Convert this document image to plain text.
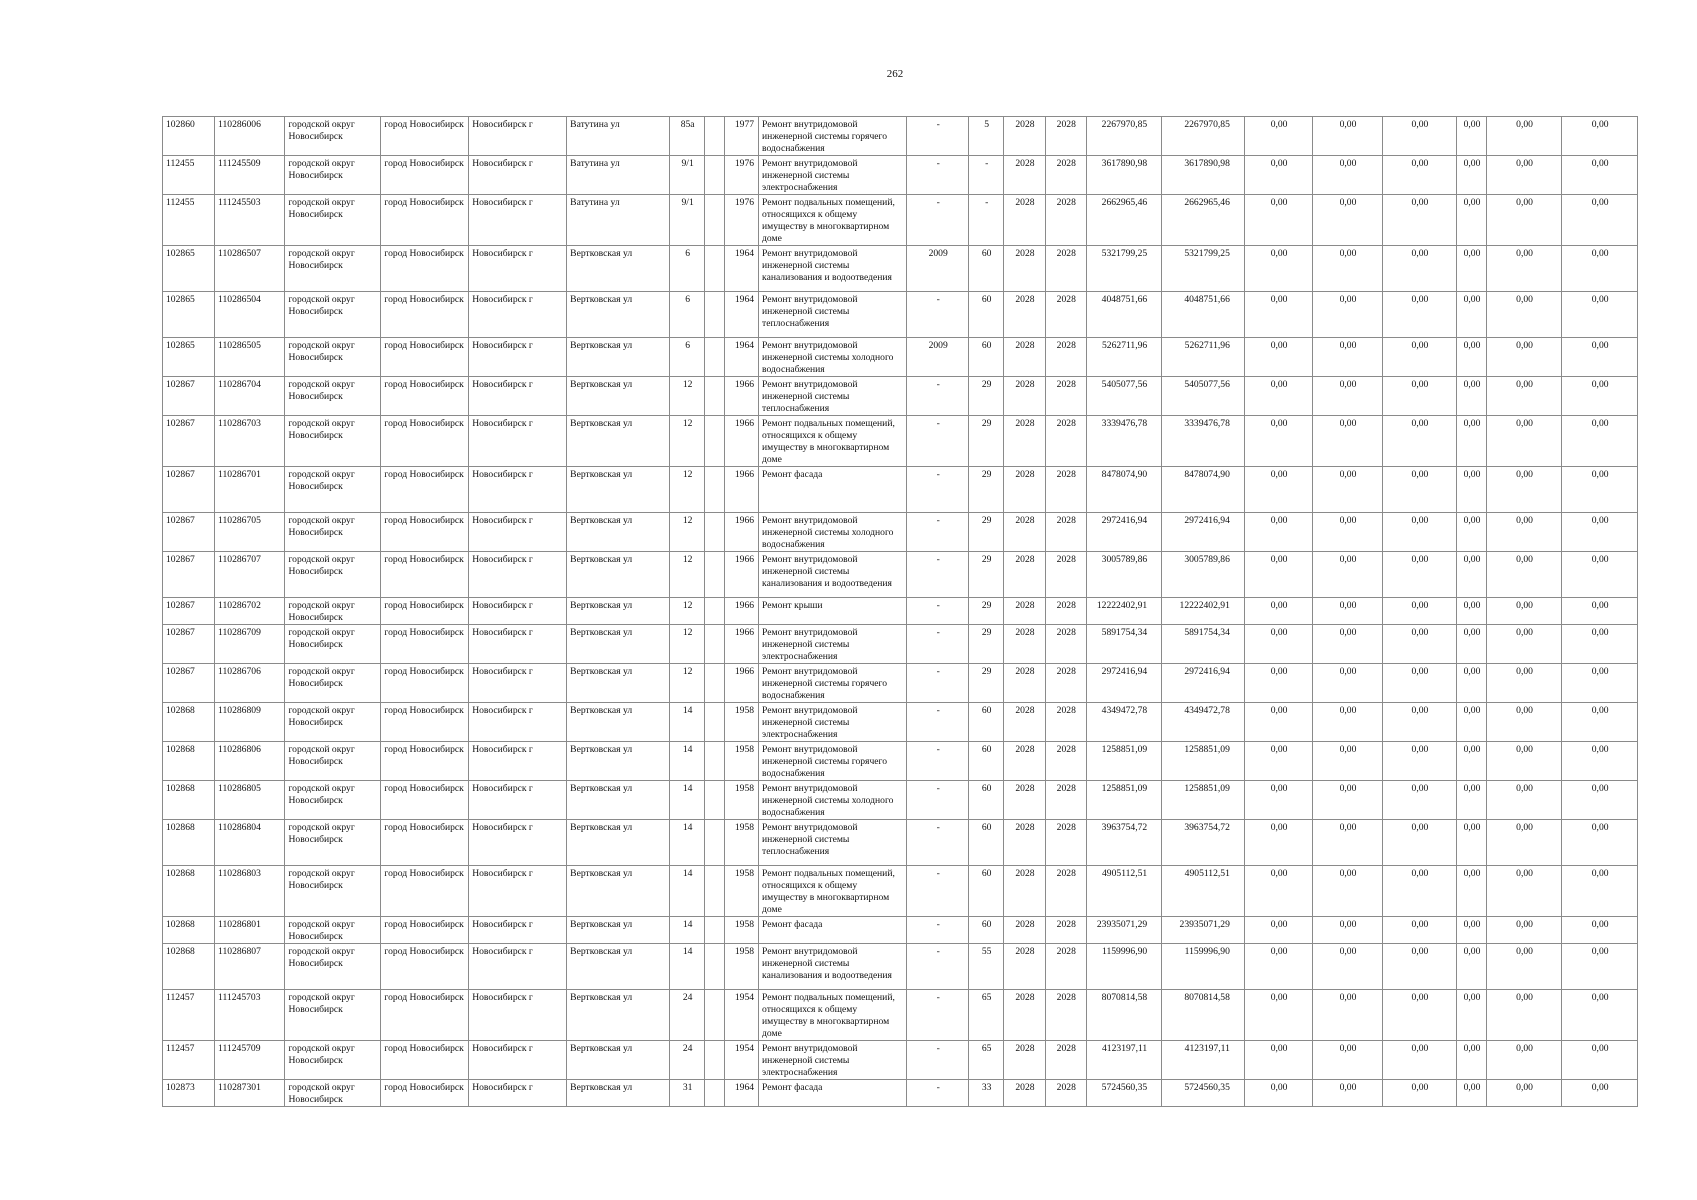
262
102860	110286006	городской округ Новосибирск	город Новосибирск	Новосибирск г	Ватутина ул	85а		1977	Ремонт внутридомовой инженерной системы горячего водоснабжения	-	5	2028	2028	2267970,85	2267970,85	0,00	0,00	0,00	0,00	0,00	0,00
112455	111245509	городской округ Новосибирск	город Новосибирск	Новосибирск г	Ватутина ул	9/1		1976	Ремонт внутридомовой инженерной системы электроснабжения	-	-	2028	2028	3617890,98	3617890,98	0,00	0,00	0,00	0,00	0,00	0,00
112455	111245503	городской округ Новосибирск	город Новосибирск	Новосибирск г	Ватутина ул	9/1		1976	Ремонт подвальных помещений, относящихся к общему имуществу в многоквартирном доме	-	-	2028	2028	2662965,46	2662965,46	0,00	0,00	0,00	0,00	0,00	0,00
102865	110286507	городской округ Новосибирск	город Новосибирск	Новосибирск г	Вертковская ул	6		1964	Ремонт внутридомовой инженерной системы канализования и водоотведения	2009	60	2028	2028	5321799,25	5321799,25	0,00	0,00	0,00	0,00	0,00	0,00
102865	110286504	городской округ Новосибирск	город Новосибирск	Новосибирск г	Вертковская ул	6		1964	Ремонт внутридомовой инженерной системы теплоснабжения	-	60	2028	2028	4048751,66	4048751,66	0,00	0,00	0,00	0,00	0,00	0,00
102865	110286505	городской округ Новосибирск	город Новосибирск	Новосибирск г	Вертковская ул	6		1964	Ремонт внутридомовой инженерной системы холодного водоснабжения	2009	60	2028	2028	5262711,96	5262711,96	0,00	0,00	0,00	0,00	0,00	0,00
102867	110286704	городской округ Новосибирск	город Новосибирск	Новосибирск г	Вертковская ул	12		1966	Ремонт внутридомовой инженерной системы теплоснабжения	-	29	2028	2028	5405077,56	5405077,56	0,00	0,00	0,00	0,00	0,00	0,00
102867	110286703	городской округ Новосибирск	город Новосибирск	Новосибирск г	Вертковская ул	12		1966	Ремонт подвальных помещений, относящихся к общему имуществу в многоквартирном доме	-	29	2028	2028	3339476,78	3339476,78	0,00	0,00	0,00	0,00	0,00	0,00
102867	110286701	городской округ Новосибирск	город Новосибирск	Новосибирск г	Вертковская ул	12		1966	Ремонт фасада	-	29	2028	2028	8478074,90	8478074,90	0,00	0,00	0,00	0,00	0,00	0,00
102867	110286705	городской округ Новосибирск	город Новосибирск	Новосибирск г	Вертковская ул	12		1966	Ремонт внутридомовой инженерной системы холодного водоснабжения	-	29	2028	2028	2972416,94	2972416,94	0,00	0,00	0,00	0,00	0,00	0,00
102867	110286707	городской округ Новосибирск	город Новосибирск	Новосибирск г	Вертковская ул	12		1966	Ремонт внутридомовой инженерной системы канализования и водоотведения	-	29	2028	2028	3005789,86	3005789,86	0,00	0,00	0,00	0,00	0,00	0,00
102867	110286702	городской округ Новосибирск	город Новосибирск	Новосибирск г	Вертковская ул	12		1966	Ремонт крыши	-	29	2028	2028	12222402,91	12222402,91	0,00	0,00	0,00	0,00	0,00	0,00
102867	110286709	городской округ Новосибирск	город Новосибирск	Новосибирск г	Вертковская ул	12		1966	Ремонт внутридомовой инженерной системы электроснабжения	-	29	2028	2028	5891754,34	5891754,34	0,00	0,00	0,00	0,00	0,00	0,00
102867	110286706	городской округ Новосибирск	город Новосибирск	Новосибирск г	Вертковская ул	12		1966	Ремонт внутридомовой инженерной системы горячего водоснабжения	-	29	2028	2028	2972416,94	2972416,94	0,00	0,00	0,00	0,00	0,00	0,00
102868	110286809	городской округ Новосибирск	город Новосибирск	Новосибирск г	Вертковская ул	14		1958	Ремонт внутридомовой инженерной системы электроснабжения	-	60	2028	2028	4349472,78	4349472,78	0,00	0,00	0,00	0,00	0,00	0,00
102868	110286806	городской округ Новосибирск	город Новосибирск	Новосибирск г	Вертковская ул	14		1958	Ремонт внутридомовой инженерной системы горячего водоснабжения	-	60	2028	2028	1258851,09	1258851,09	0,00	0,00	0,00	0,00	0,00	0,00
102868	110286805	городской округ Новосибирск	город Новосибирск	Новосибирск г	Вертковская ул	14		1958	Ремонт внутридомовой инженерной системы холодного водоснабжения	-	60	2028	2028	1258851,09	1258851,09	0,00	0,00	0,00	0,00	0,00	0,00
102868	110286804	городской округ Новосибирск	город Новосибирск	Новосибирск г	Вертковская ул	14		1958	Ремонт внутридомовой инженерной системы теплоснабжения	-	60	2028	2028	3963754,72	3963754,72	0,00	0,00	0,00	0,00	0,00	0,00
102868	110286803	городской округ Новосибирск	город Новосибирск	Новосибирск г	Вертковская ул	14		1958	Ремонт подвальных помещений, относящихся к общему имуществу в многоквартирном доме	-	60	2028	2028	4905112,51	4905112,51	0,00	0,00	0,00	0,00	0,00	0,00
102868	110286801	городской округ Новосибирск	город Новосибирск	Новосибирск г	Вертковская ул	14		1958	Ремонт фасада	-	60	2028	2028	23935071,29	23935071,29	0,00	0,00	0,00	0,00	0,00	0,00
102868	110286807	городской округ Новосибирск	город Новосибирск	Новосибирск г	Вертковская ул	14		1958	Ремонт внутридомовой инженерной системы канализования и водоотведения	-	55	2028	2028	1159996,90	1159996,90	0,00	0,00	0,00	0,00	0,00	0,00
112457	111245703	городской округ Новосибирск	город Новосибирск	Новосибирск г	Вертковская ул	24		1954	Ремонт подвальных помещений, относящихся к общему имуществу в многоквартирном доме	-	65	2028	2028	8070814,58	8070814,58	0,00	0,00	0,00	0,00	0,00	0,00
112457	111245709	городской округ Новосибирск	город Новосибирск	Новосибирск г	Вертковская ул	24		1954	Ремонт внутридомовой инженерной системы электроснабжения	-	65	2028	2028	4123197,11	4123197,11	0,00	0,00	0,00	0,00	0,00	0,00
102873	110287301	городской округ Новосибирск	город Новосибирск	Новосибирск г	Вертковская ул	31		1964	Ремонт фасада	-	33	2028	2028	5724560,35	5724560,35	0,00	0,00	0,00	0,00	0,00	0,00
